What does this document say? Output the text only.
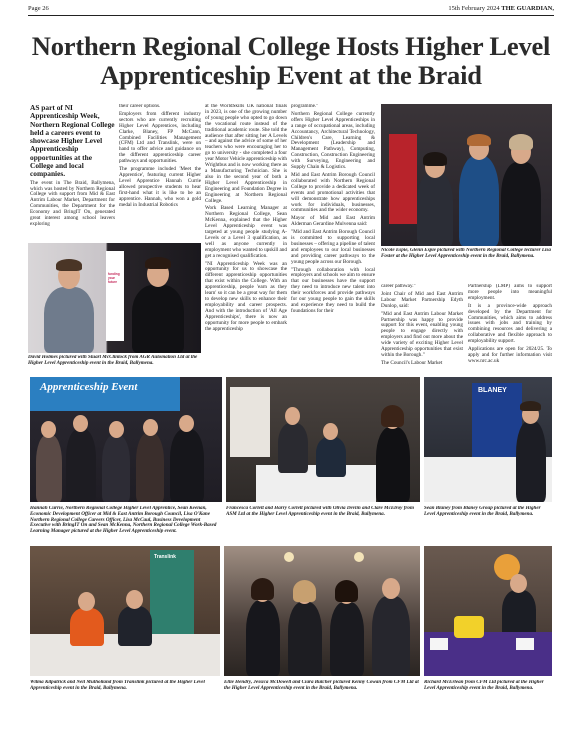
Page 26	15th February 2024 THE GUARDIAN,
Northern Regional College Hosts Higher Level Apprenticeship Event at the Braid

AS part of NI Apprenticeship Week, Northern Regional College held a careers event to showcase Higher Level Apprenticeship opportunities at the College and local companies.

The event in The Braid, Ballymena, which was hosted by Northern Regional College with support from Mid & East Antrim Labour Market, Department for Communities, the Department for the Economy and BringIT On, generated great interest among school leavers exploring

their career options.

Employers from different industry sectors who are currently recruiting Higher Level Apprentices, including Clarke, Blaney, FP McCann, Combined Facilities Management (CFM) Ltd and Translink, were on hand to offer advice and guidance on the different apprenticeship career pathways and opportunities.

The programme included 'Meet the Apprentice', featuring current Higher Level Apprentice Hannah Currie allowed prospective students to hear first-hand what it is like to be an apprentice. Hannah, who won a gold medal in Industrial Robotics

at the WorldSkills UK national finals in 2023, is one of the growing number of young people who opted to go down the vocational route instead of the traditional academic route. She told the audience that after sitting her A Levels – and against the advice of some of her teachers who were encouraging her to go to university - she completed a four year Motor Vehicle apprenticeship with Wrightbus and is now working there as a Manufacturing Technician. She is also in the second year of both a Higher Level Apprenticeship in Engineering and Foundation Degree in Engineering at Northern Regional College.

Work Based Learning Manager at Northern Regional College, Sean McKenna, explained that the Higher Level Apprenticeship event was targeted at young people studying A-Levels or a Level 3 qualification, as well as anyone currently in employment who wanted to upskill and get a recognised qualification.

"NI Apprenticeship Week was an opportunity for us to showcase the different apprenticeship opportunities that exist within the College. With an apprenticeship, people 'earn as they learn' so it can be a great way for them to develop new skills to enhance their employability and career prospects. And with the introduction of 'All Age Apprenticeships', there is now an opportunity for more people to embark the apprenticeship

programme."

Northern Regional College currently offers Higher Level Apprenticeships in a range of occupational areas, including Accountancy, Architectural Technology, Children's Care, Learning & Development (Leadership and Management Pathway), Computing, Construction, Construction Engineering with Surveying, Engineering and Supply Chain & Logistics.

Mid and East Antrim Borough Council collaborated with Northern Regional College to provide a dedicated week of events and promotional activities that will demonstrate how apprenticeships work for individuals, businesses, communities and the wider economy.

Mayor of Mid and East Antrim Alderman Gerardine Mulvenna said:

"Mid and East Antrim Borough Council is committed to supporting local businesses – offering a pipeline of talent and employees to our local businesses and providing career pathways to the young people across our Borough.

"Through collaboration with local employers and schools we aim to ensure that our businesses have the support they need to introduce new talent into their workforces and provide pathways for our young people to gain the skills and experience they need to build the foundations for their

career pathway."

Joint Chair of Mid and East Antrim Labour Market Partnership Edyth Dunlop, said:

"Mid and East Antrim Labour Market Partnership was happy to provide support for this event, enabling young people to engage directly with employers and find out more about the wide variety of exciting Higher Level Apprenticeship opportunities that exist within the Borough."

The Council's Labour Market

Partnership (LMP) aims to support more people into meaningful employment.

It is a province-wide approach developed by the Department for Communities, which aims to address issues with jobs and training by combining resources and delivering a collaborative and flexible approach to employability support.

Applications are open for 2024/25. To apply and for further information visit www.nrc.ac.uk

Nicole Espie, Glenn Espie pictured with Northern Regional College lecturer Lisa Foster at the Higher Level Apprenticeship event in the Braid, Ballymena.
funding your future
David Holmes pictured with Stuart McClintock from AGR Automation Ltd at the Higher Level Apprenticeship event in the Braid, Ballymena.
Apprenticeship Event
Hannah Currie, Northern Regional College Higher Level Apprentice, Sean Keenan, Economic Development Officer at Mid & East Antrim Borough Council, Lisa O'Kane Northern Regional College Careers Officer, Lisa McCaul, Business Development Executive with BringIT On and Sean McKenna, Northern Regional College Work-Based Learning Manager pictured at the Higher Level Apprenticeship event.
Francesca Corlett and Harry Corlett pictured with Olivia Devlin and Clare McElroy from ASM Ltd at the Higher Level Apprenticeship event in the Braid, Ballymena.
BLANEY
Sean Blaney from Blaney Group pictured at the Higher Level Apprenticeship event in the Braid, Ballymena.
Translink
Wilma Kilpatrick and Neil Mulholland from Translink pictured at the Higher Level Apprenticeship event in the Braid, Ballymena.
Ellie Hendry, Jessica McDowell and Ciara Butcher pictured Kenny Cowan from CFM Ltd at the Higher Level Apprenticeship event in the Braid, Ballymena.
Richard McErlean from CFM Ltd pictured at the Higher Level Apprenticeship event in the Braid, Ballymena.
